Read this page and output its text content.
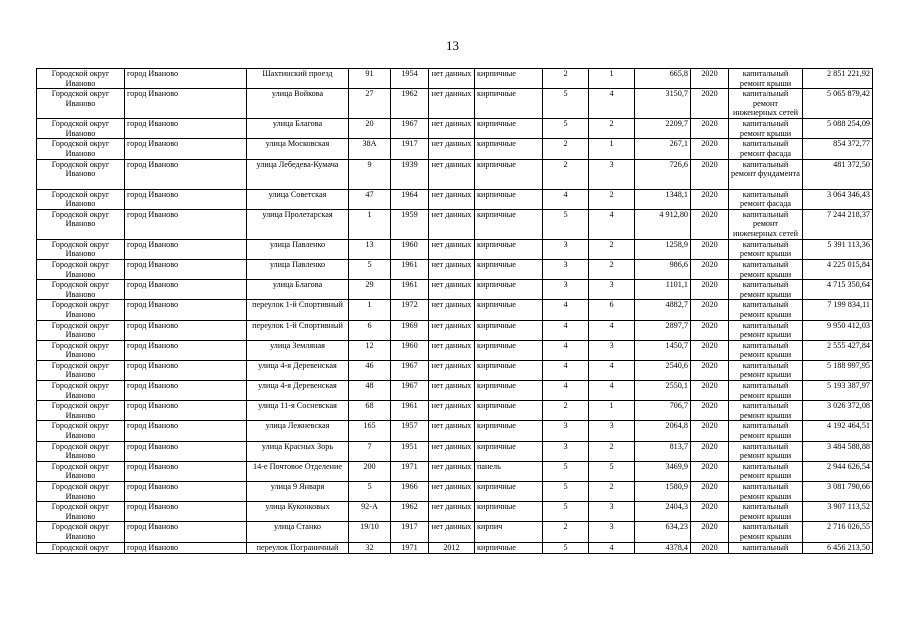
13
Городской округ Иваново	город Иваново	Шахтинский проезд	91	1954	нет данных	кирпичные	2	1	665,8	2020	капитальный ремонт крыши	2 851 221,92
Городской округ Иваново	город Иваново	улица Войкова	27	1962	нет данных	кирпичные	5	4	3150,7	2020	капитальный ремонт инженерных сетей	5 065 879,42
Городской округ Иваново	город Иваново	улица Благова	20	1967	нет данных	кирпичные	5	2	2209,7	2020	капитальный ремонт крыши	5 088 254,09
Городской округ Иваново	город Иваново	улица Московская	38А	1917	нет данных	кирпичные	2	1	267,1	2020	капитальный ремонт фасада	854 372,77
Городской округ Иваново	город Иваново	улица Лебедева-Кумача	9	1939	нет данных	кирпичные	2	3	726,6	2020	капитальный ремонт фундамента	481 372,50
Городской округ Иваново	город Иваново	улица Советская	47	1964	нет данных	кирпичные	4	2	1348,1	2020	капитальный ремонт фасада	3 064 346,43
Городской округ Иваново	город Иваново	улица Пролетарская	1	1959	нет данных	кирпичные	5	4	4 912,80	2020	капитальный ремонт инженерных сетей	7 244 218,37
Городской округ Иваново	город Иваново	улица Павленко	13	1960	нет данных	кирпичные	3	2	1258,9	2020	капитальный ремонт крыши	5 391 113,36
Городской округ Иваново	город Иваново	улица Павленко	5	1961	нет данных	кирпичные	3	2	986,6	2020	капитальный ремонт крыши	4 225 015,84
Городской округ Иваново	город Иваново	улица Благова	29	1961	нет данных	кирпичные	3	3	1101,1	2020	капитальный ремонт крыши	4 715 350,64
Городской округ Иваново	город Иваново	переулок 1-й Спортивный	1	1972	нет данных	кирпичные	4	6	4882,7	2020	капитальный ремонт крыши	7 199 834,11
Городской округ Иваново	город Иваново	переулок 1-й Спортивный	6	1969	нет данных	кирпичные	4	4	2897,7	2020	капитальный ремонт крыши	9 950 412,03
Городской округ Иваново	город Иваново	улица Земляная	12	1960	нет данных	кирпичные	4	3	1450,7	2020	капитальный ремонт крыши	2 555 427,84
Городской округ Иваново	город Иваново	улица 4-я Деревенская	46	1967	нет данных	кирпичные	4	4	2540,6	2020	капитальный ремонт крыши	5 188 997,95
Городской округ Иваново	город Иваново	улица 4-я Деревенская	48	1967	нет данных	кирпичные	4	4	2550,1	2020	капитальный ремонт крыши	5 193 387,97
Городской округ Иваново	город Иваново	улица 11-я Сосневская	68	1961	нет данных	кирпичные	2	1	706,7	2020	капитальный ремонт крыши	3 026 372,08
Городской округ Иваново	город Иваново	улица Лежневская	165	1957	нет данных	кирпичные	3	3	2064,8	2020	капитальный ремонт крыши	4 192 464,51
Городской округ Иваново	город Иваново	улица Красных Зорь	7	1951	нет данных	кирпичные	3	2	813,7	2020	капитальный ремонт крыши	3 484 588,88
Городской округ Иваново	город Иваново	14-е Почтовое Отделение	200	1971	нет данных	панель	5	5	3469,9	2020	капитальный ремонт крыши	2 944 626,54
Городской округ Иваново	город Иваново	улица 9 Января	5	1966	нет данных	кирпичные	5	2	1580,9	2020	капитальный ремонт крыши	3 081 790,66
Городской округ Иваново	город Иваново	улица Куконковых	92-А	1962	нет данных	кирпичные	5	3	2404,3	2020	капитальный ремонт крыши	3 907 113,52
Городской округ Иваново	город Иваново	улица Станко	19/10	1917	нет данных	кирпич	2	3	634,23	2020	капитальный ремонт крыши	2 716 026,55
Городской округ	город Иваново	переулок Пограничный	32	1971	2012	кирпичные	5	4	4378,4	2020	капитальный	6 456 213,50
